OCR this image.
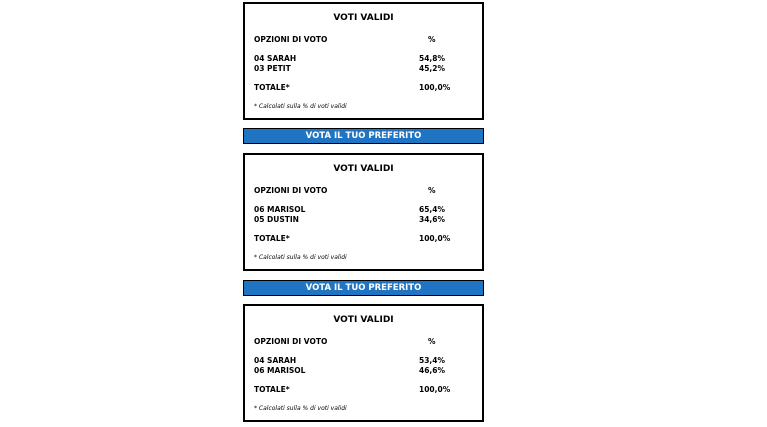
VOTI VALIDI
OPZIONI DI VOTO	%
04 SARAH	54,8%
03 PETIT	45,2%
TOTALE*	100,0%
* Calcolati sulla % di voti validi
VOTA IL TUO PREFERITO
VOTI VALIDI
OPZIONI DI VOTO	%
06 MARISOL	65,4%
05 DUSTIN	34,6%
TOTALE*	100,0%
* Calcolati sulla % di voti validi
VOTA IL TUO PREFERITO
VOTI VALIDI
OPZIONI DI VOTO	%
04 SARAH	53,4%
06 MARISOL	46,6%
TOTALE*	100,0%
* Calcolati sulla % di voti validi
